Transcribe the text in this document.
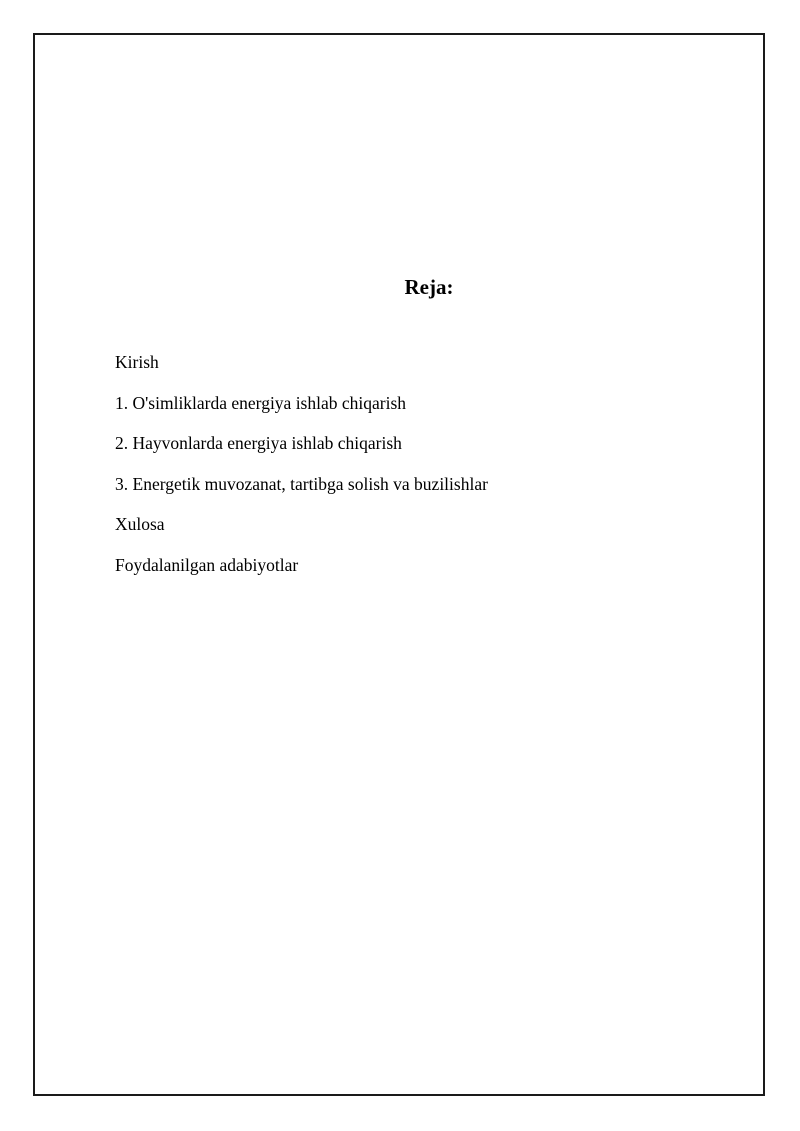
Reja:
Kirish
1. O'simliklarda energiya ishlab chiqarish
2. Hayvonlarda energiya ishlab chiqarish
3. Energetik muvozanat, tartibga solish va buzilishlar
Xulosa
Foydalanilgan adabiyotlar
